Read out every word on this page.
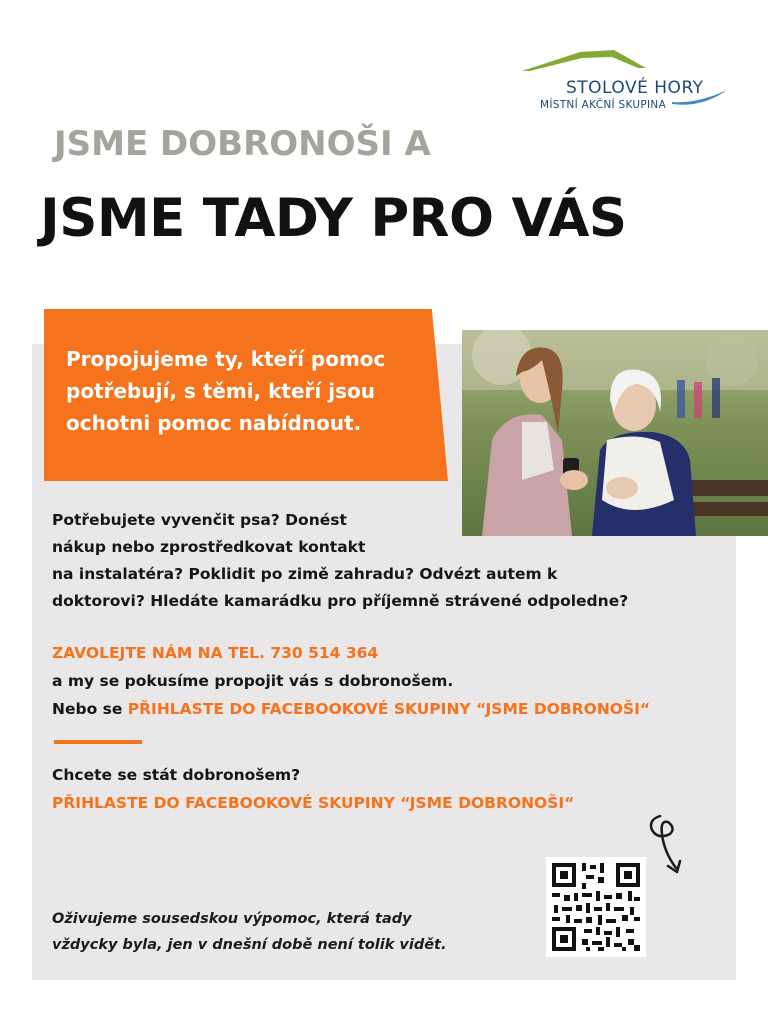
STOLOVÉ HORY
MÍSTNÍ AKČNÍ SKUPINA
JSME DOBRONOŠI A
JSME TADY PRO VÁS
Propojujeme ty, kteří pomoc
potřebují, s těmi, kteří jsou
ochotni pomoc nabídnout.
Potřebujete vyvenčit psa? Donést
nákup nebo zprostředkovat kontakt
na instalatéra? Poklidit po zimě zahradu? Odvézt autem k
doktorovi? Hledáte kamarádku pro příjemně strávené odpoledne?
ZAVOLEJTE NÁM NA TEL. 730 514 364
a my se pokusíme propojit vás s dobronošem.
Nebo se PŘIHLASTE DO FACEBOOKOVÉ SKUPINY “JSME DOBRONOŠI“
Chcete se stát dobronošem?
PŘIHLASTE DO FACEBOOKOVÉ SKUPINY “JSME DOBRONOŠI“
Oživujeme sousedskou výpomoc, která tady
vždycky byla, jen v dnešní době není tolik vidět.
